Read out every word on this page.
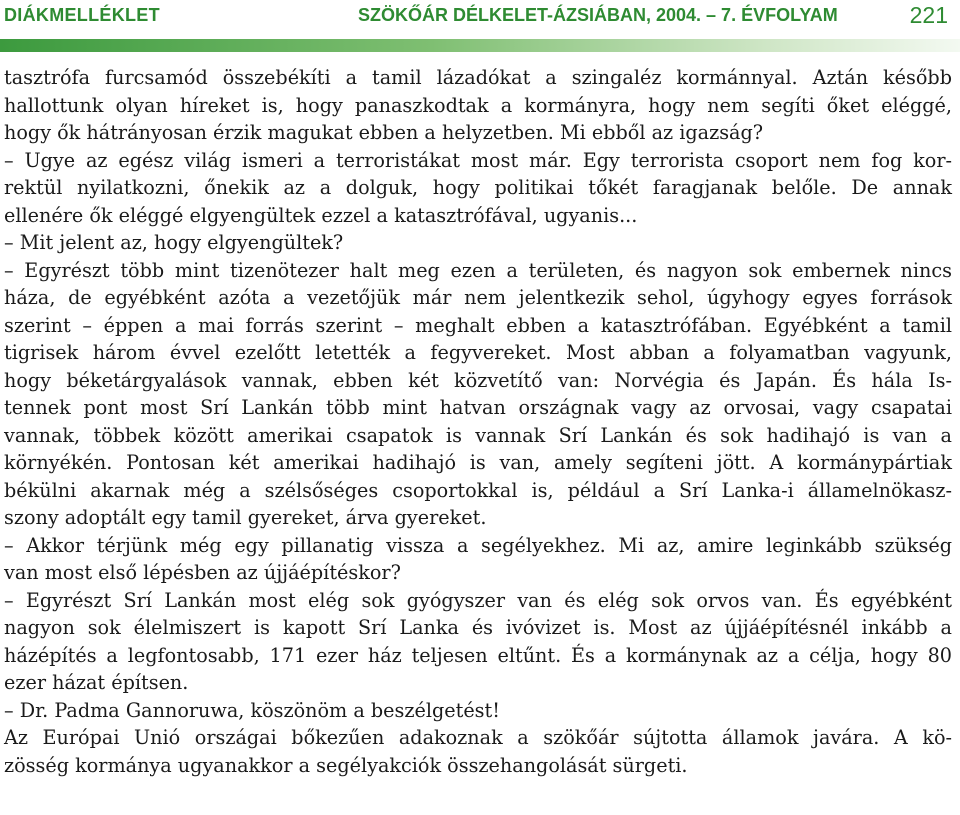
DIÁKMELLÉKLET	SZÖKŐÁR DÉLKELET-ÁZSIÁBAN, 2004. – 7. ÉVFOLYAM	221
tasztrófa furcsamód összebékíti a tamil lázadókat a szingaléz kormánnyal. Aztán később
hallottunk olyan híreket is, hogy panaszkodtak a kormányra, hogy nem segíti őket eléggé,
hogy ők hátrányosan érzik magukat ebben a helyzetben. Mi ebből az igazság?
– Ugye az egész világ ismeri a terroristákat most már. Egy terrorista csoport nem fog kor-
rektül nyilatkozni, őnekik az a dolguk, hogy politikai tőkét faragjanak belőle. De annak
ellenére ők eléggé elgyengültek ezzel a katasztrófával, ugyanis...
– Mit jelent az, hogy elgyengültek?
– Egyrészt több mint tizenötezer halt meg ezen a területen, és nagyon sok embernek nincs
háza, de egyébként azóta a vezetőjük már nem jelentkezik sehol, úgyhogy egyes források
szerint – éppen a mai forrás szerint – meghalt ebben a katasztrófában. Egyébként a tamil
tigrisek három évvel ezelőtt letették a fegyvereket. Most abban a folyamatban vagyunk,
hogy béketárgyalások vannak, ebben két közvetítő van: Norvégia és Japán. És hála Is-
tennek pont most Srí Lankán több mint hatvan országnak vagy az orvosai, vagy csapatai
vannak, többek között amerikai csapatok is vannak Srí Lankán és sok hadihajó is van a
környékén. Pontosan két amerikai hadihajó is van, amely segíteni jött. A kormánypártiak
békülni akarnak még a szélsőséges csoportokkal is, például a Srí Lanka-i államelnökasz-
szony adoptált egy tamil gyereket, árva gyereket.
– Akkor térjünk még egy pillanatig vissza a segélyekhez. Mi az, amire leginkább szükség
van most első lépésben az újjáépítéskor?
– Egyrészt Srí Lankán most elég sok gyógyszer van és elég sok orvos van. És egyébként
nagyon sok élelmiszert is kapott Srí Lanka és ivóvizet is. Most az újjáépítésnél inkább a
házépítés a legfontosabb, 171 ezer ház teljesen eltűnt. És a kormánynak az a célja, hogy 80
ezer házat építsen.
– Dr. Padma Gannoruwa, köszönöm a beszélgetést!
Az Európai Unió országai bőkezűen adakoznak a szökőár sújtotta államok javára. A kö-
zösség kormánya ugyanakkor a segélyakciók összehangolását sürgeti.
